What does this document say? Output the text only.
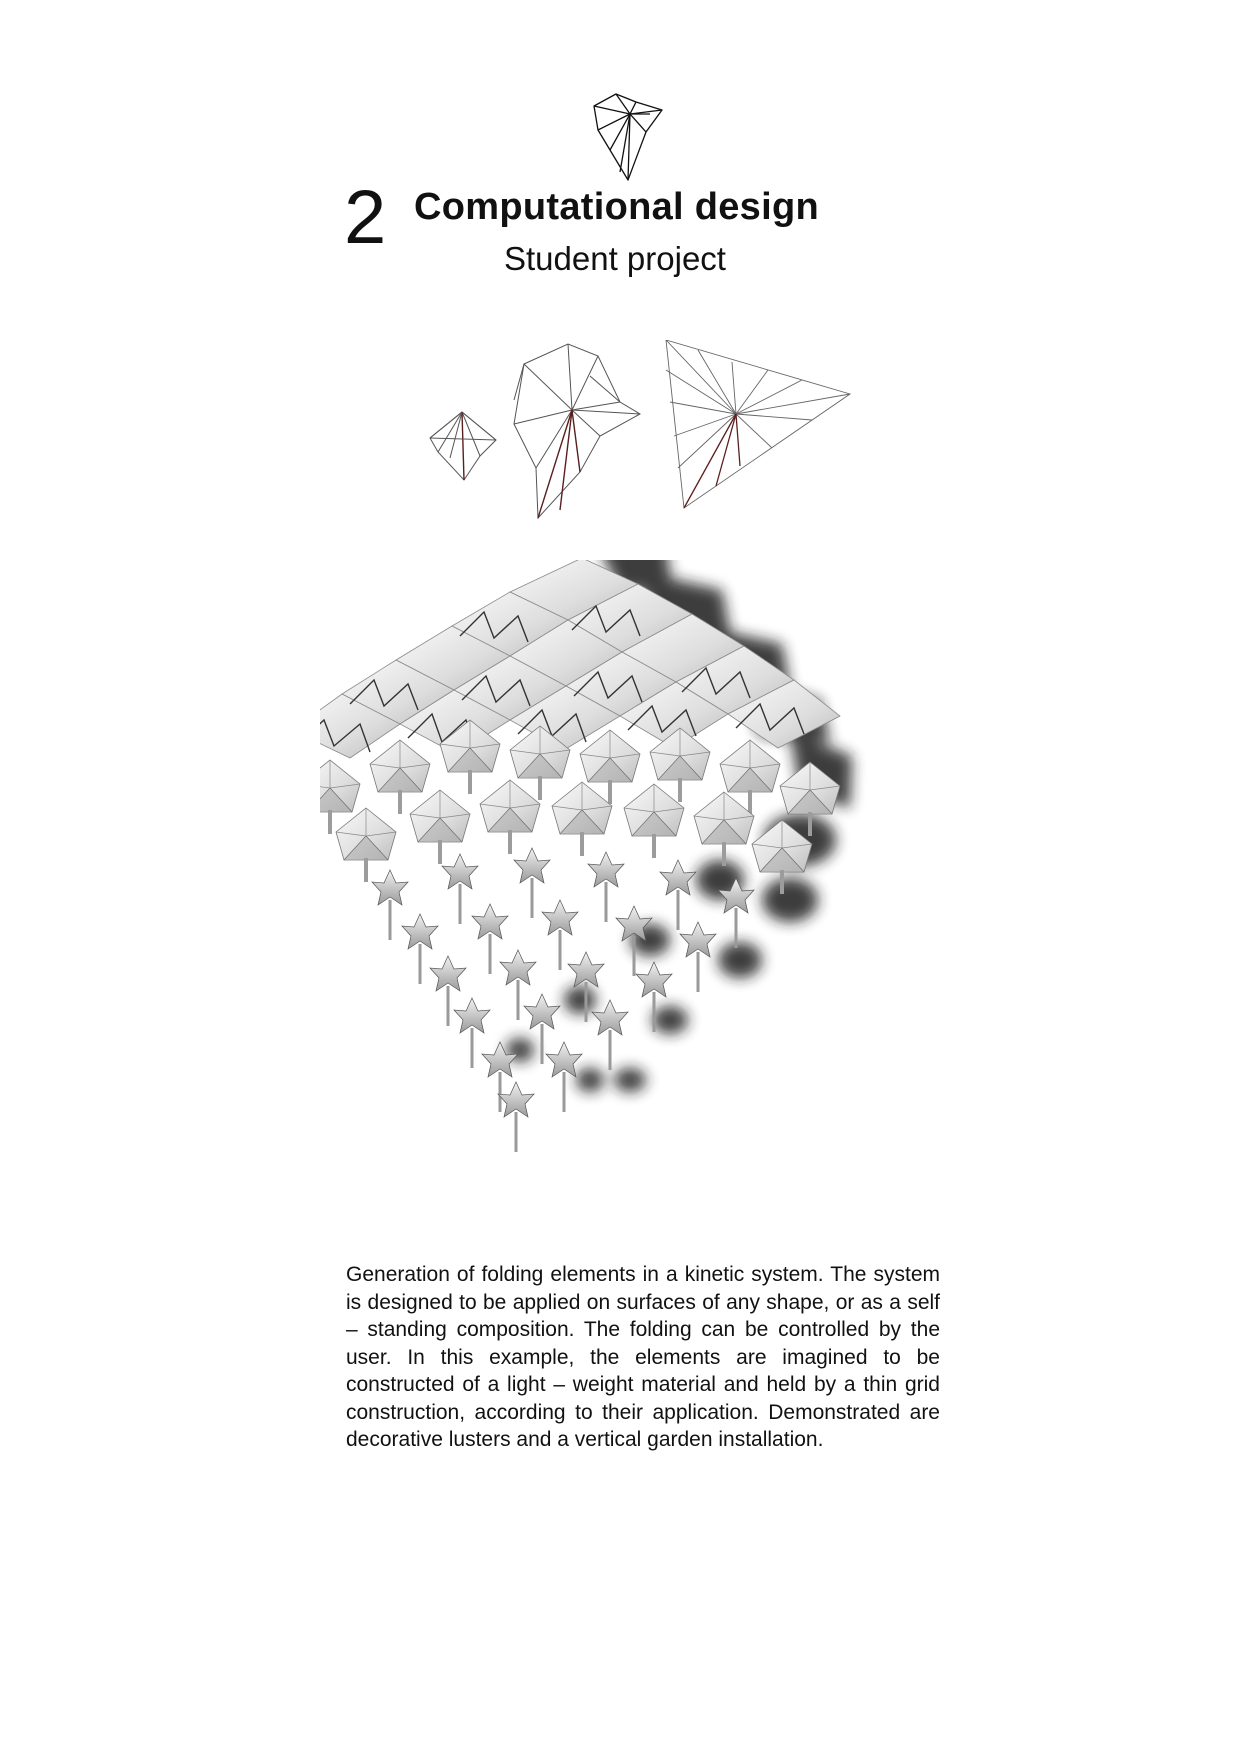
2 Computational design
Student project

Generation of folding elements in a kinetic system. The system is designed to be applied on surfaces of any shape, or as a self – standing composition. The folding can be controlled by the user. In this example, the elements are imagined to be constructed of a light – weight material and held by a thin grid construction, according to their application. Demonstrated are decorative lusters and a vertical garden installation.
